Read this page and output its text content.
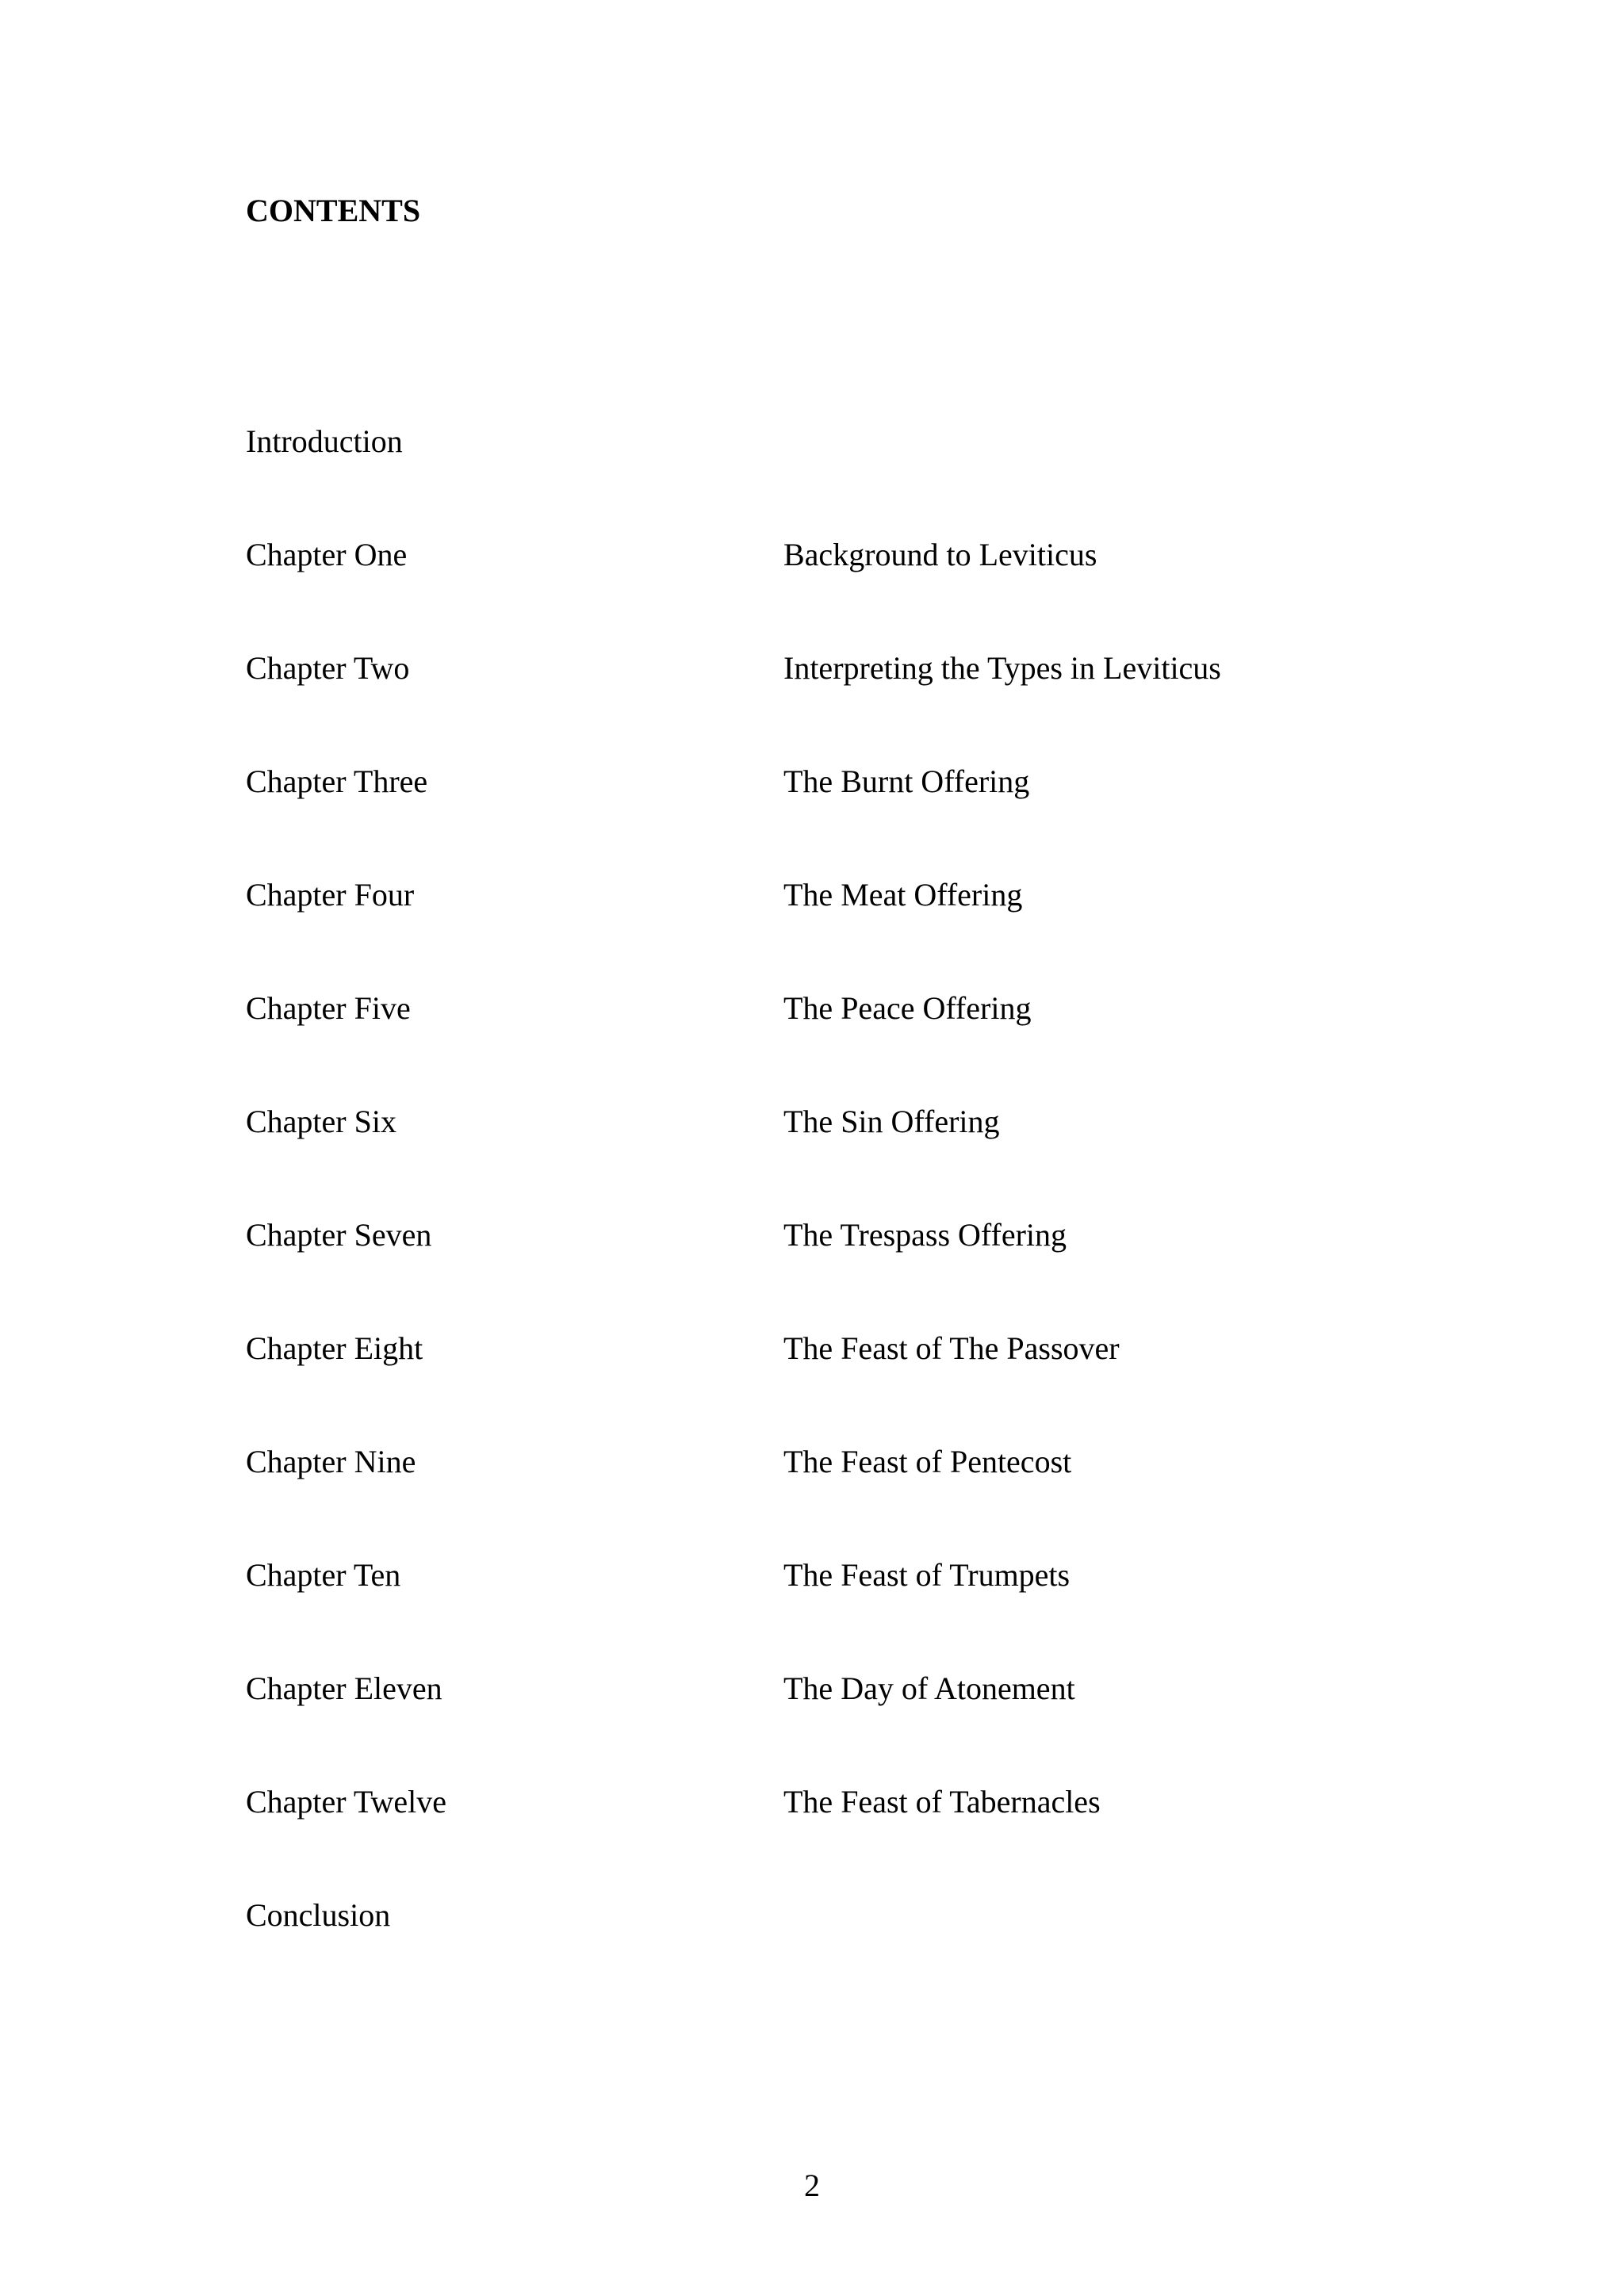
CONTENTS
Introduction
Chapter One	Background to Leviticus
Chapter Two	Interpreting the Types in Leviticus
Chapter Three	The Burnt Offering
Chapter Four	The Meat Offering
Chapter Five	The Peace Offering
Chapter Six	The Sin Offering
Chapter Seven	The Trespass Offering
Chapter Eight	The Feast of The Passover
Chapter Nine	The Feast of Pentecost
Chapter Ten	The Feast of Trumpets
Chapter Eleven	The Day of Atonement
Chapter Twelve	The Feast of Tabernacles
Conclusion
2
